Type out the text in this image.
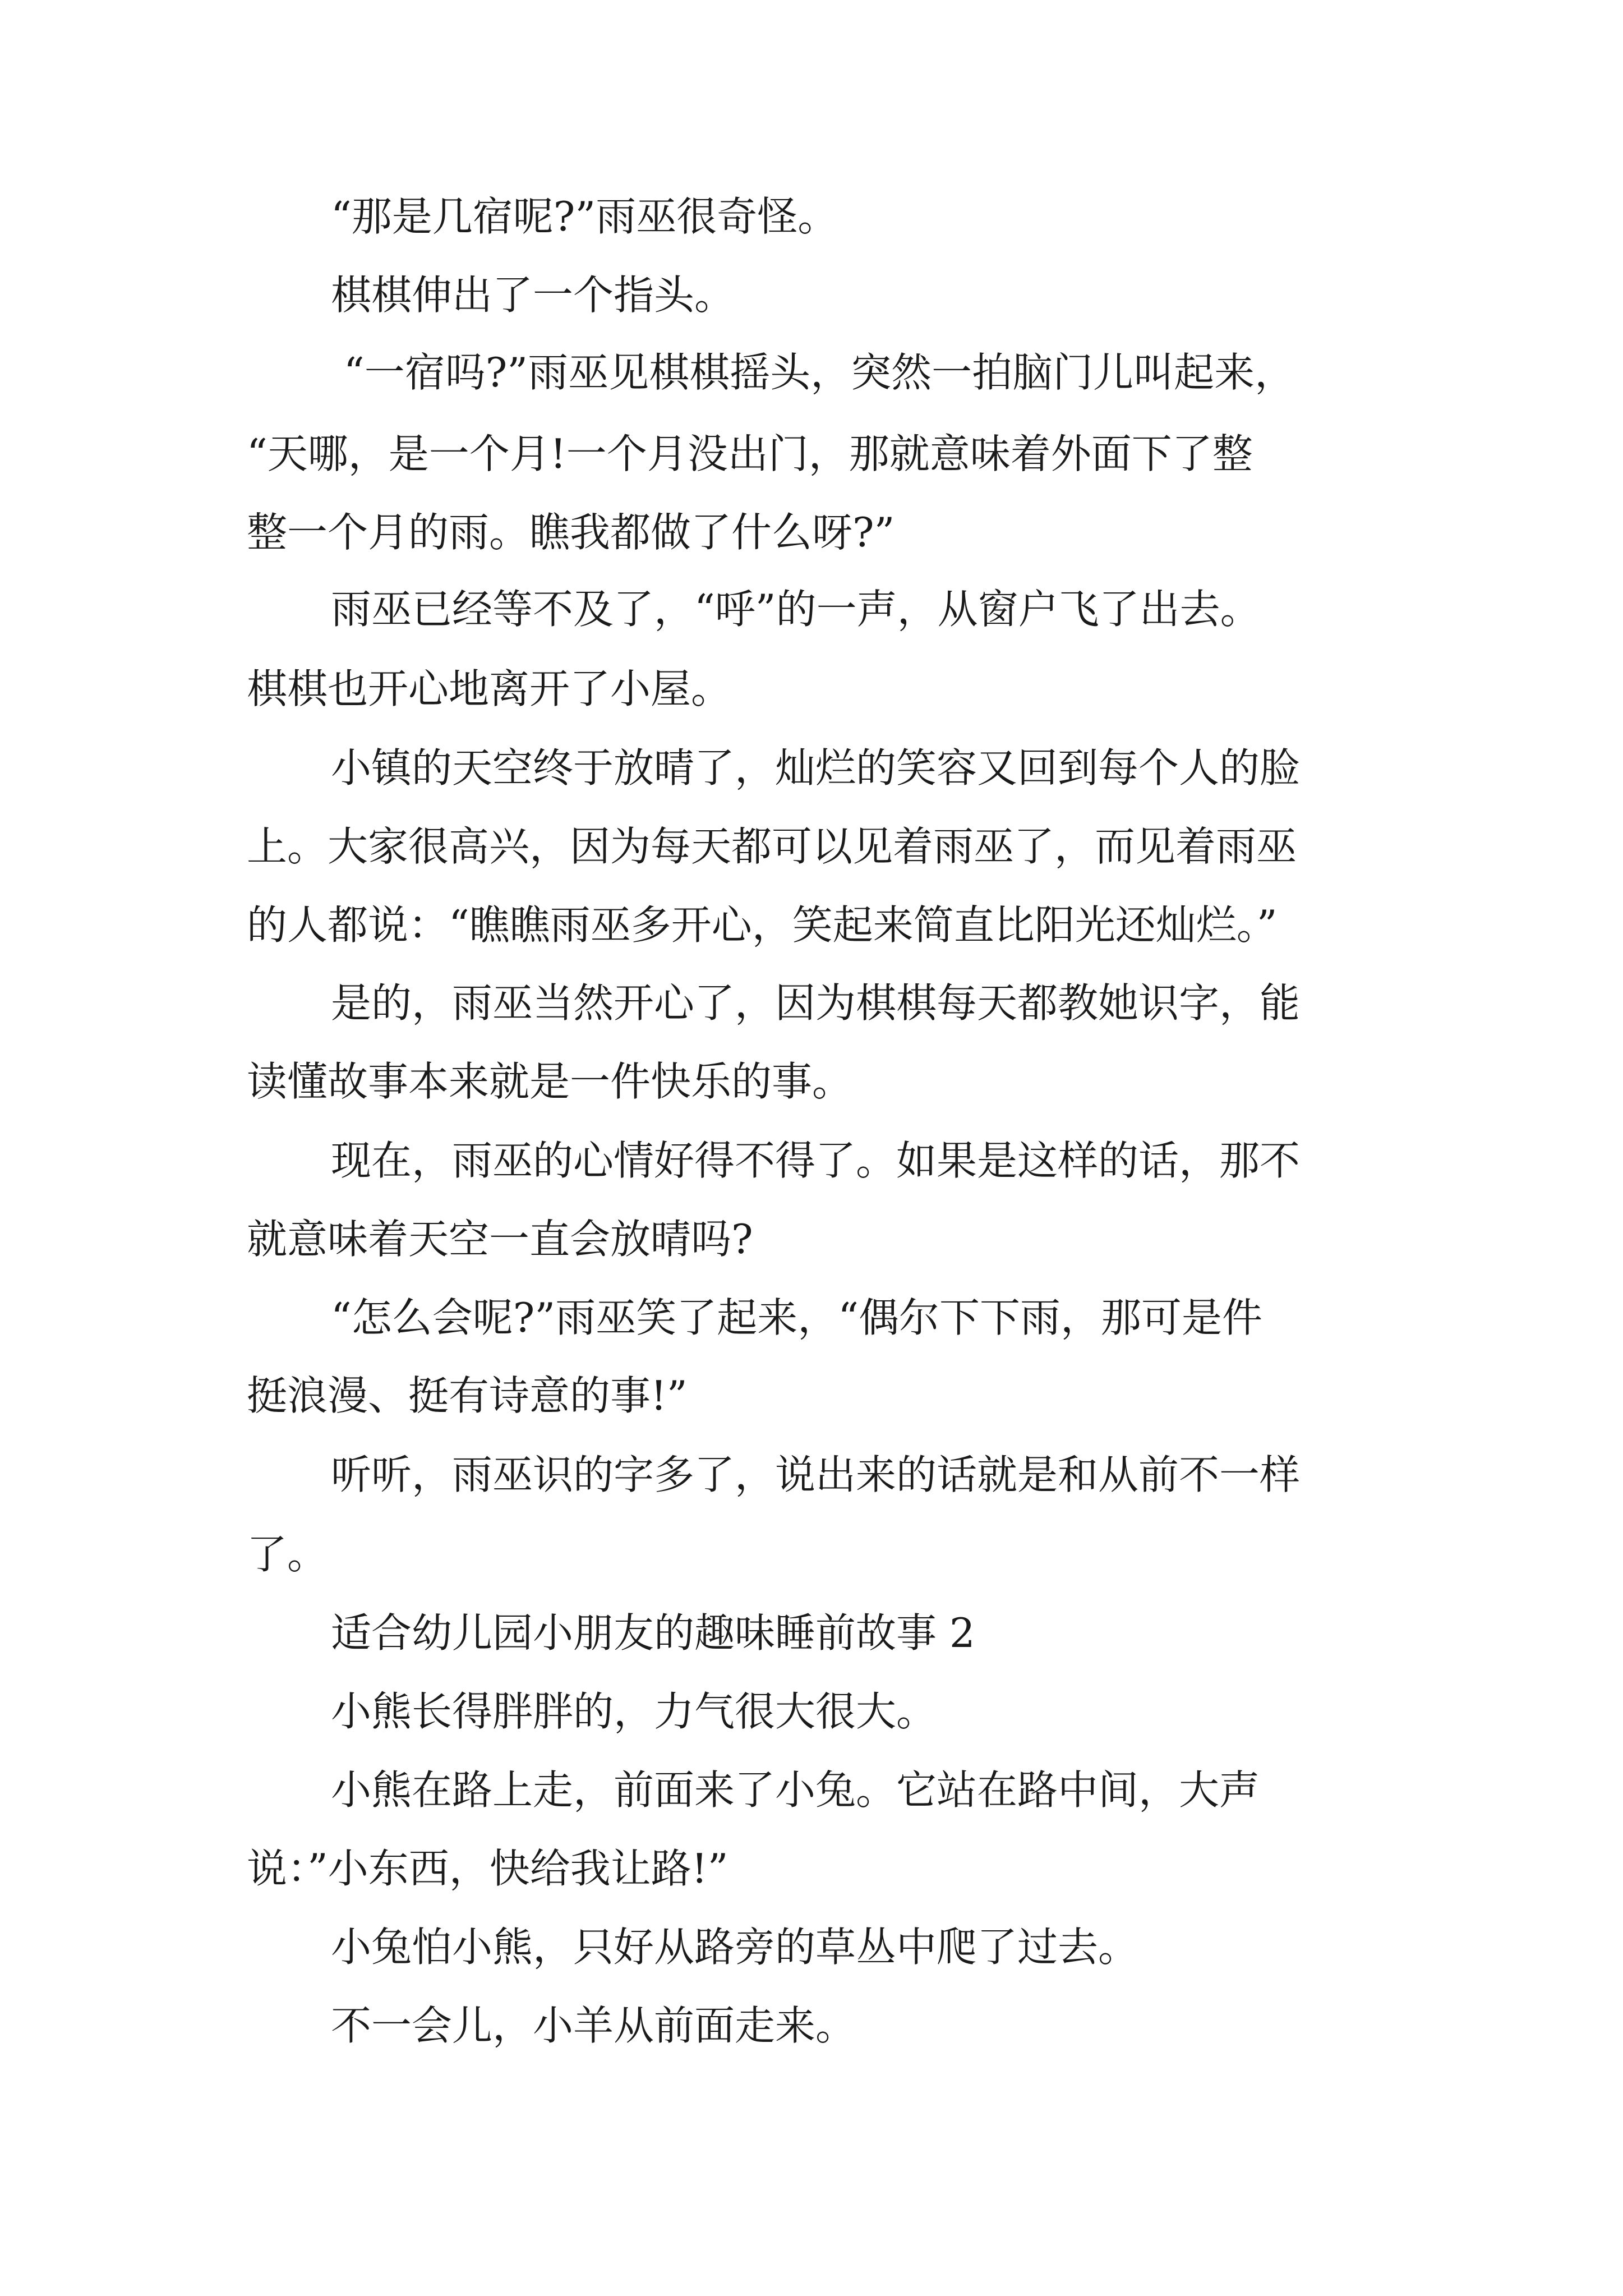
“那是几宿呢?”雨巫很奇怪。
棋棋伸出了一个指头。
“一宿吗?”雨巫见棋棋摇头，突然一拍脑门儿叫起来，
“天哪，是一个月!一个月没出门，那就意味着外面下了整
整一个月的雨。瞧我都做了什么呀?”
雨巫已经等不及了，“呼”的一声，从窗户飞了出去。
棋棋也开心地离开了小屋。
小镇的天空终于放晴了，灿烂的笑容又回到每个人的脸
上。大家很高兴，因为每天都可以见着雨巫了，而见着雨巫
的人都说：“瞧瞧雨巫多开心，笑起来简直比阳光还灿烂。”
是的，雨巫当然开心了，因为棋棋每天都教她识字，能
读懂故事本来就是一件快乐的事。
现在，雨巫的心情好得不得了。如果是这样的话，那不
就意味着天空一直会放晴吗?
“怎么会呢?”雨巫笑了起来，“偶尔下下雨，那可是件
挺浪漫、挺有诗意的事!”
听听，雨巫识的字多了，说出来的话就是和从前不一样
了。
适合幼儿园小朋友的趣味睡前故事 2
小熊长得胖胖的，力气很大很大。
小熊在路上走，前面来了小兔。它站在路中间，大声
说：”小东西，快给我让路!”
小兔怕小熊，只好从路旁的草丛中爬了过去。
不一会儿，小羊从前面走来。
